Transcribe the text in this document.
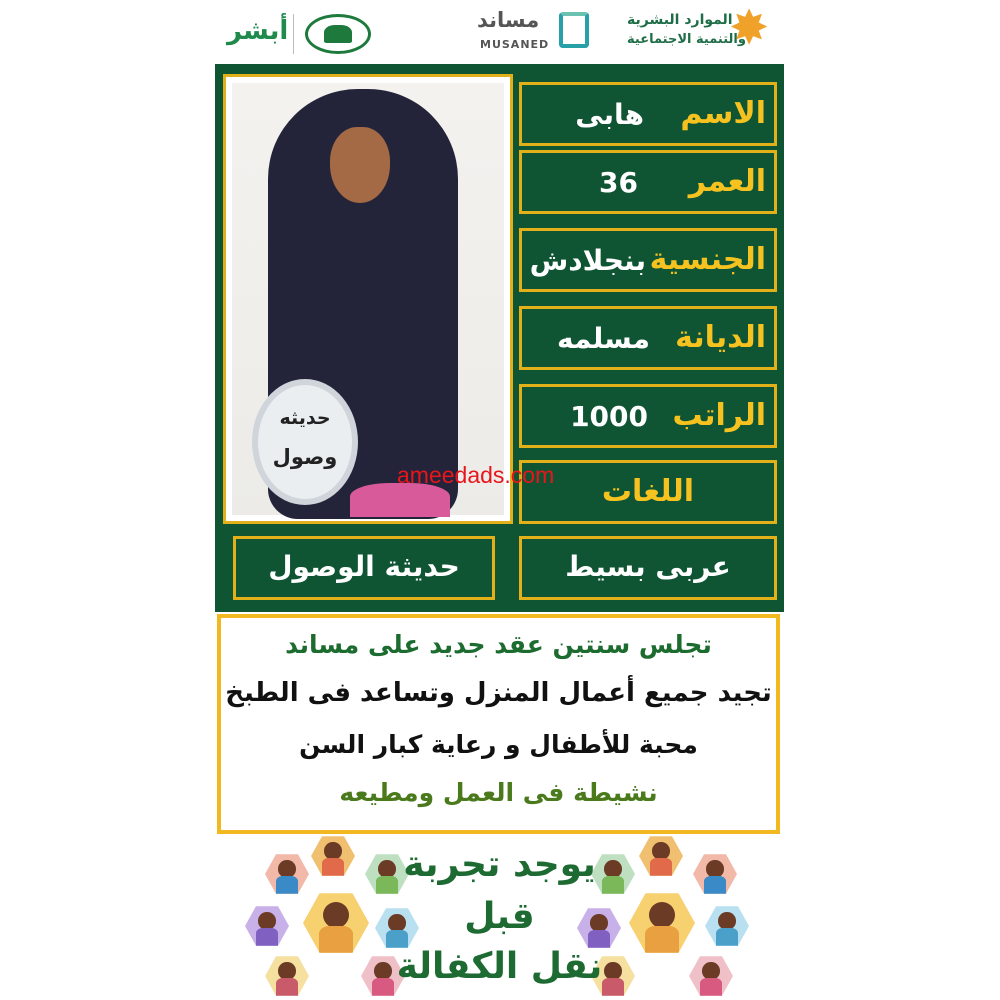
أبشر	مساند
MUSANED
الموارد البشرية
والتنمية الاجتماعية
✸
حديثه
وصول
الاسم
هابى
العمر
36
الجنسية
بنجلادش
الديانة
مسلمه
الراتب
1000
اللغات
ameedads.com
حديثة الوصول	عربى بسيط
تجلس سنتين عقد جديد على مساند
تجيد جميع أعمال المنزل وتساعد فى الطبخ
محبة للأطفال و رعاية كبار السن
نشيطة فى العمل ومطيعه
يوجد تجربة
قبل
نقل الكفالة
